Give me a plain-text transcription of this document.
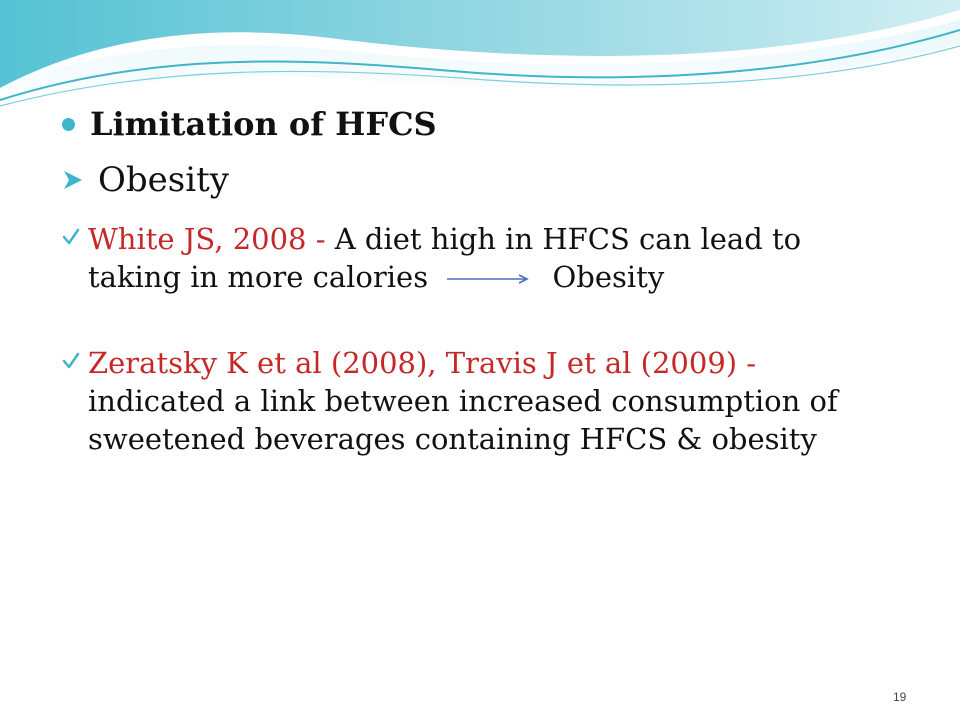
Limitation of HFCS
Obesity
White JS, 2008 - A diet high in HFCS can lead to taking in more calories	Obesity
Zeratsky K et al (2008), Travis J et al (2009) - indicated a link between increased consumption of sweetened beverages containing HFCS & obesity
19
